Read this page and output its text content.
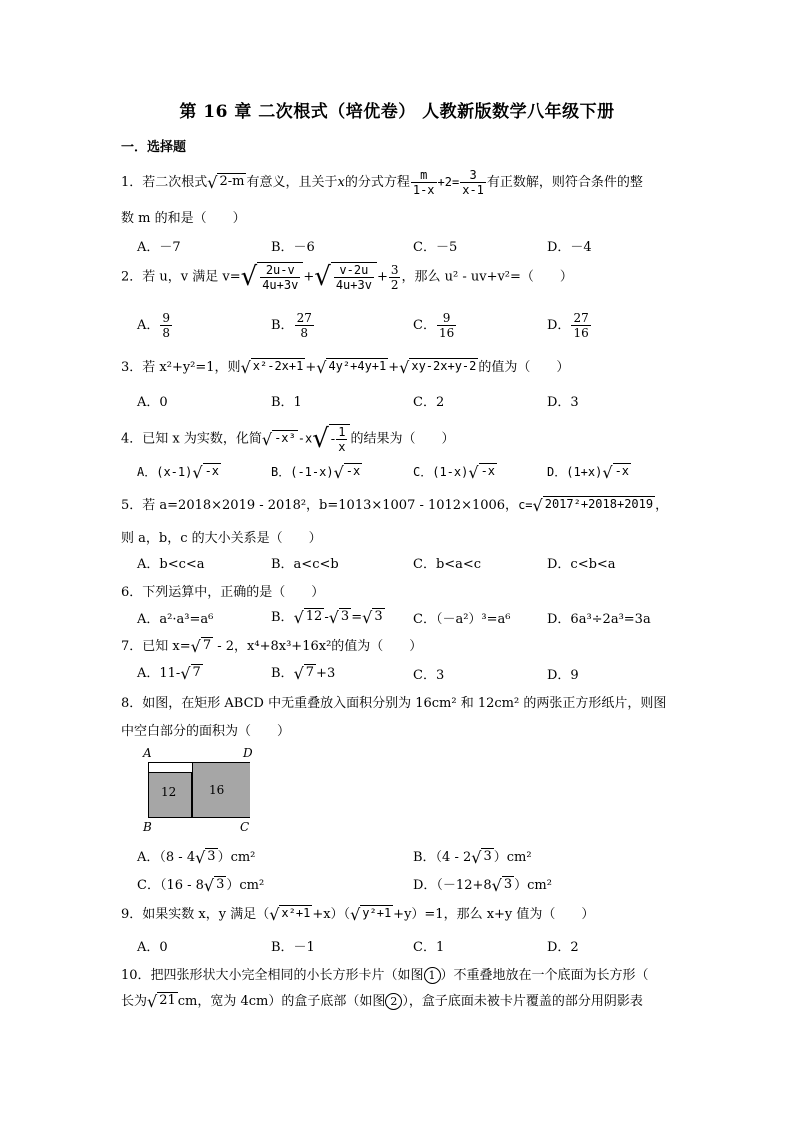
第 16 章 二次根式（培优卷） 人教新版数学八年级下册
一．选择题
1．若二次根式√ 2-m 有意义，且关于x的分式方程 $\frac{m}{1-x} +2= \frac{3}{x-1}$ 有正数解，则符合条件的整
数 m 的和是（　　）
A．－7	B．－6	C．－5	D．－4
2．若 u，v 满足 $v=√ \frac{2u-v}{4u+3v}$ +√ $\frac{v-2u}{4u+3v} + \frac{3}{2}$ ，那么 u² - uv+v²=（　　）
A． $\frac{9}{8}$	B． $\frac{27}{8}$	C． $\frac{9}{16}$	D． $\frac{27}{16}$
3．若 x²+y²=1，则√ x²-2x+1 +√ 4y²+4y+1 +√ xy-2x+y-2 的值为（　　）
A．0	B．1	C．2	D．3
4．已知 x 为实数，化简√ -x³ $-x√ - \frac{1}{x}$ 的结果为（　　）
A．(x-1)√ -x	B．(-1-x)√ -x	C．(1-x)√ -x	D．(1+x)√ -x
5．若 a=2018×2019 - 2018²，b=1013×1007 - 1012×1006，c=√ 2017²+2018+2019 ，
则 a，b，c 的大小关系是（　　）
A．b<c<a	B．a<c<b	C．b<a<c	D．c<b<a
6．下列运算中，正确的是（　　）
A．a²·a³=a⁶	B．√ 12 -√ 3 =√ 3 C．（－a²）³=a⁶	D．6a³÷2a³=3a
7．已知 x=√ 7 - 2，x⁴+8x³+16x²的值为（　　）
A．11-√ 7	B．√ 7 +3	C．3	D．9
8．如图，在矩形 ABCD 中无重叠放入面积分别为 16cm² 和 12cm² 的两张正方形纸片，则图
中空白部分的面积为（　　）
A	D
B	C
12	16
A．（8 - 4√ 3 ）cm²	B．（4 - 2√ 3 ）cm²
C．（16 - 8√ 3 ）cm²	D．（－12+8√ 3 ）cm²
9．如果实数 x，y 满足（√ x²+1 +x）（√ y²+1 +y）=1，那么 x+y 值为（　　）
A．0	B．－1	C．1	D．2
10．把四张形状大小完全相同的小长方形卡片（如图 1 ）不重叠地放在一个底面为长方形（
长为√ 21 cm，宽为 4cm）的盒子底部（如图 2 ），盒子底面未被卡片覆盖的部分用阴影表
